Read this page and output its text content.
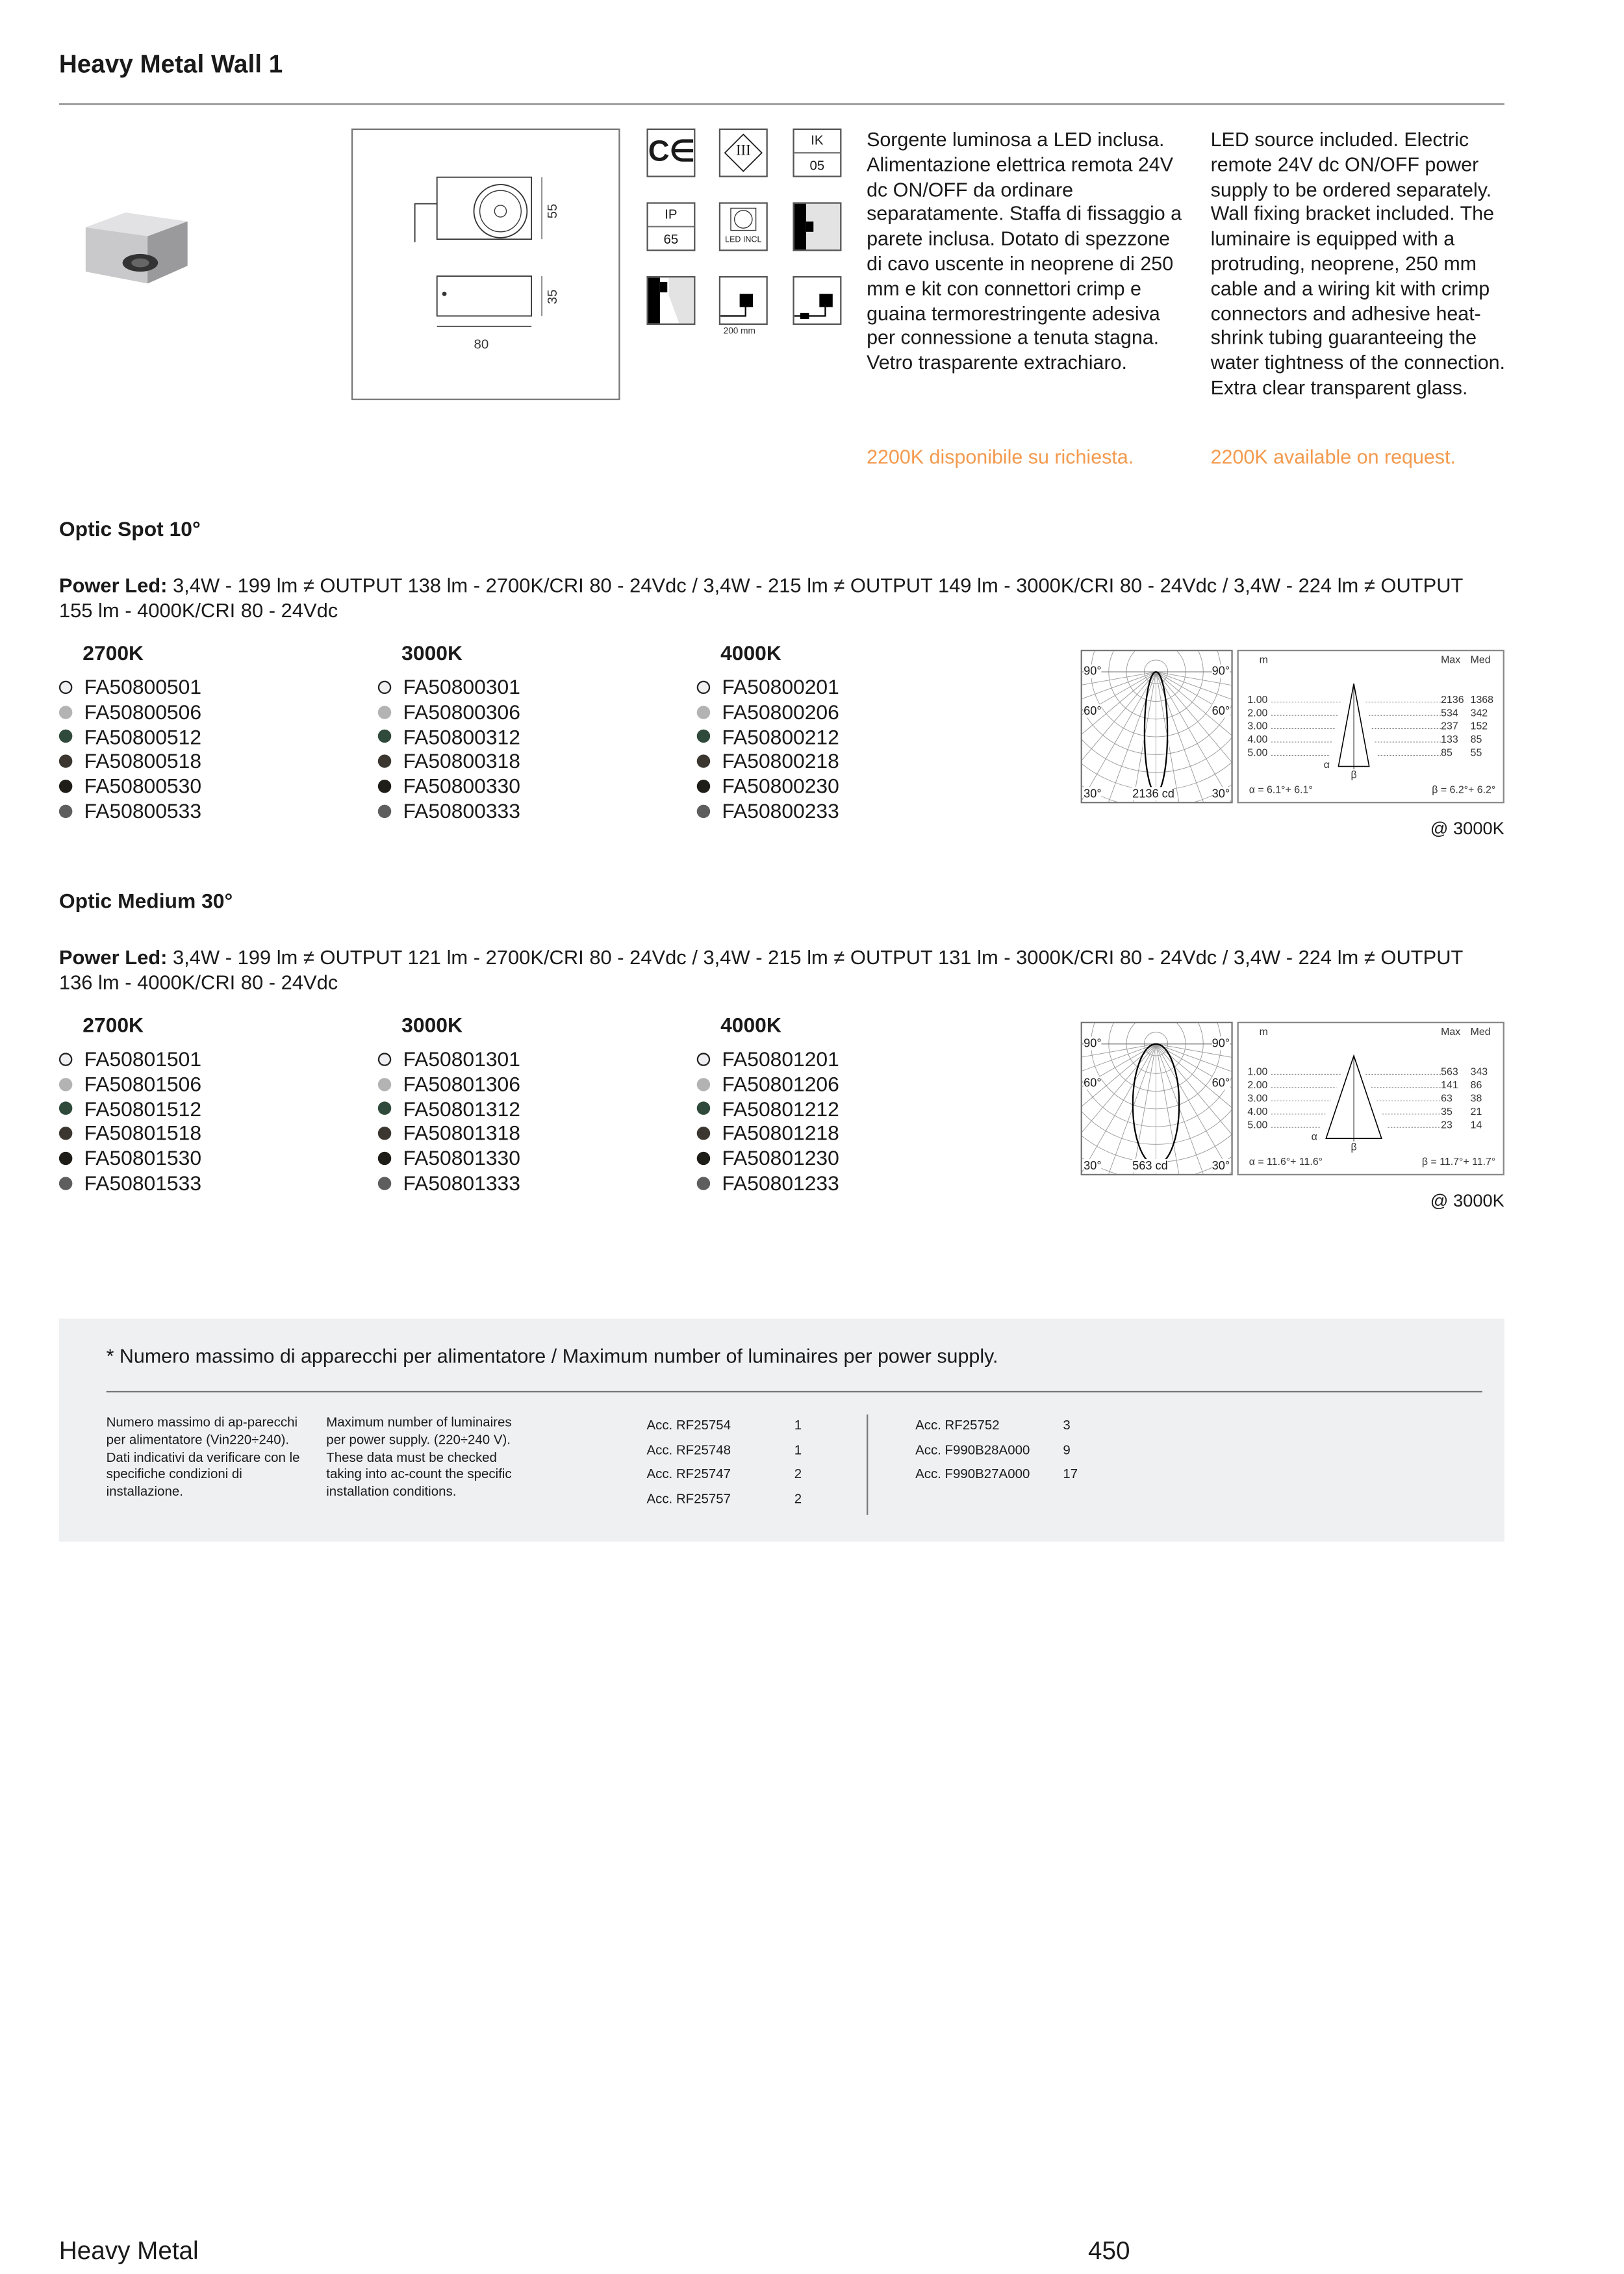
Heavy Metal Wall 1
55
35
80
C∈	III
IK
05
IP
65	LED INCL
200 mm
Sorgente luminosa a LED inclusa. Alimentazione elettrica remota 24V dc ON/OFF da ordinare separatamente. Staffa di fissaggio a parete inclusa. Dotato di spezzone di cavo uscente in neoprene di 250 mm e kit con connettori crimp e guaina termorestringente adesiva per connessione a tenuta stagna. Vetro trasparente extrachiaro.
LED source included. Electric remote 24V dc ON/OFF power supply to be ordered separately. Wall fixing bracket included. The luminaire is equipped with a protruding, neoprene, 250 mm cable and a wiring kit with crimp connectors and adhesive heat-shrink tubing guaranteeing the water tightness of the connection. Extra clear transparent glass.
2200K disponibile su richiesta.	2200K available on request.
Optic Spot 10°
Power Led: 3,4W - 199 lm ≠ OUTPUT 138 lm - 2700K/CRI 80 - 24Vdc / 3,4W - 215 lm ≠ OUTPUT 149 lm - 3000K/CRI 80 - 24Vdc / 3,4W - 224 lm ≠ OUTPUT 155 lm - 4000K/CRI 80 - 24Vdc
2700K
FA50800501
FA50800506
FA50800512
FA50800518
FA50800530
FA50800533
3000K
FA50800301
FA50800306
FA50800312
FA50800318
FA50800330
FA50800333
4000K
FA50800201
FA50800206
FA50800212
FA50800218
FA50800230
FA50800233
90°	90°
60°	60°
30°	30°
2136 cd
m	Max Med
1.00	2136 1368
2.00	534	342
3.00	237	152
4.00	133	85
5.00	85	55
α
β
α = 6.1°+ 6.1°	β = 6.2°+ 6.2°
@ 3000K
Optic Medium 30°
Power Led: 3,4W - 199 lm ≠ OUTPUT 121 lm - 2700K/CRI 80 - 24Vdc / 3,4W - 215 lm ≠ OUTPUT 131 lm - 3000K/CRI 80 - 24Vdc / 3,4W - 224 lm ≠ OUTPUT 136 lm - 4000K/CRI 80 - 24Vdc
2700K
FA50801501
FA50801506
FA50801512
FA50801518
FA50801530
FA50801533
3000K
FA50801301
FA50801306
FA50801312
FA50801318
FA50801330
FA50801333
4000K
FA50801201
FA50801206
FA50801212
FA50801218
FA50801230
FA50801233
90°	90°
60°	60°
30°	30°
563 cd
m	Max Med
1.00	563	343
2.00	141	86
3.00	63	38
4.00	35	21
5.00	23	14
α
β
α = 11.6°+ 11.6°	β = 11.7°+ 11.7°
@ 3000K
* Numero massimo di apparecchi per alimentatore / Maximum number of luminaires per power supply.
Numero massimo di ap-parecchi per alimentatore (Vin220÷240). Dati indicativi da verificare con le specifiche condizioni di installazione.
Maximum number of luminaires per power supply. (220÷240 V). These data must be checked taking into ac-count the specific installation conditions.
Acc. RF25754	1
Acc. RF25748	1
Acc. RF25747	2
Acc. RF25757	2
Acc. RF25752	3
Acc. F990B28A000	9
Acc. F990B27A000	17
Heavy Metal	450
